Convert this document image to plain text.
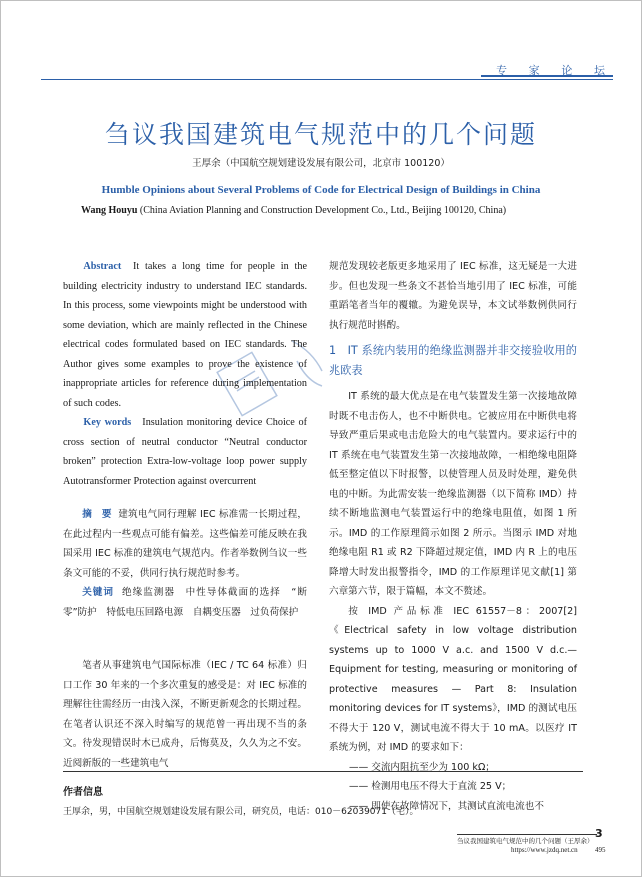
专 家 论 坛
刍议我国建筑电气规范中的几个问题
王厚余（中国航空规划建设发展有限公司，北京市 100120）
Humble Opinions about Several Problems of Code for Electrical Design of Buildings in China
Wang Houyu (China Aviation Planning and Construction Development Co., Ltd., Beijing 100120, China)

Abstract It takes a long time for people in the building electricity industry to understand IEC standards. In this process, some viewpoints might be understood with some deviation, which are mainly reflected in the Chinese electrical codes formulated based on IEC standards. The Author gives some examples to prove the existence of inappropriate articles for reference during implementation of such codes.

Key words Insulation monitoring device Choice of cross section of neutral conductor “Neutral conductor broken” protection Extra-low-voltage loop power supply Autotransformer Protection against overcurrent

摘　要 建筑电气同行理解 IEC 标准需一长期过程，在此过程内一些观点可能有偏差。这些偏差可能反映在我国采用 IEC 标准的建筑电气规范内。作者举数例刍议一些条文可能的不妥，供同行执行规范时参考。

关键词 绝缘监测器　中性导体截面的选择　“断零”防护　特低电压回路电源　自耦变压器　过负荷保护

笔者从事建筑电气国际标准（IEC / TC 64 标准）归口工作 30 年来的一个多次重复的感受是：对 IEC 标准的理解往往需经历一由浅入深，不断更新观念的长期过程。在笔者认识还不深入时编写的规范曾一再出现不当的条文。待发现错误时木已成舟，后悔莫及，久久为之不安。近阅新版的一些建筑电气

规范发现较老版更多地采用了 IEC 标准，这无疑是一大进步。但也发现一些条文不甚恰当地引用了 IEC 标准，可能重蹈笔者当年的覆辙。为避免误导，本文试举数例供同行执行规范时斟酌。

1　IT 系统内装用的绝缘监测器并非交接验收用的兆欧表

IT 系统的最大优点是在电气装置发生第一次接地故障时既不电击伤人，也不中断供电。它被应用在中断供电将导致严重后果或电击危险大的电气装置内。要求运行中的 IT 系统在电气装置发生第一次接地故障，一相绝缘电阻降低至整定值以下时报警，以使管理人员及时处理，避免供电的中断。为此需安装一绝缘监测器（以下简称 IMD）持续不断地监测电气装置运行中的绝缘电阻值，如图 1 所示。IMD 的工作原理简示如图 2 所示。当图示 IMD 对地绝缘电阻 R1 或 R2 下降超过规定值，IMD 内 R 上的电压降增大时发出报警指令，IMD 的工作原理详见文献[1] 第六章第六节，限于篇幅，本文不赘述。

按 IMD 产品标准 IEC 61557－8：2007[2]《Electrical safety in low voltage distribution systems up to 1000 V a.c. and 1500 V d.c.— Equipment for testing, measuring or monitoring of protective measures — Part 8: Insulation monitoring devices for IT systems》，IMD 的测试电压不得大于 120 V，测试电流不得大于 10 mA。以医疗 IT 系统为例，对 IMD 的要求如下：

—— 交流内阻抗至少为 100 kΩ；

—— 检测用电压不得大于直流 25 V；

—— 即使在故障情况下，其测试直流电流也不

作者信息
王厚余，男，中国航空规划建设发展有限公司，研究员，电话：010－62039071（宅）。
3
刍议我国建筑电气规范中的几个问题（王厚余）
https://www.jzdq.net.cn 495
